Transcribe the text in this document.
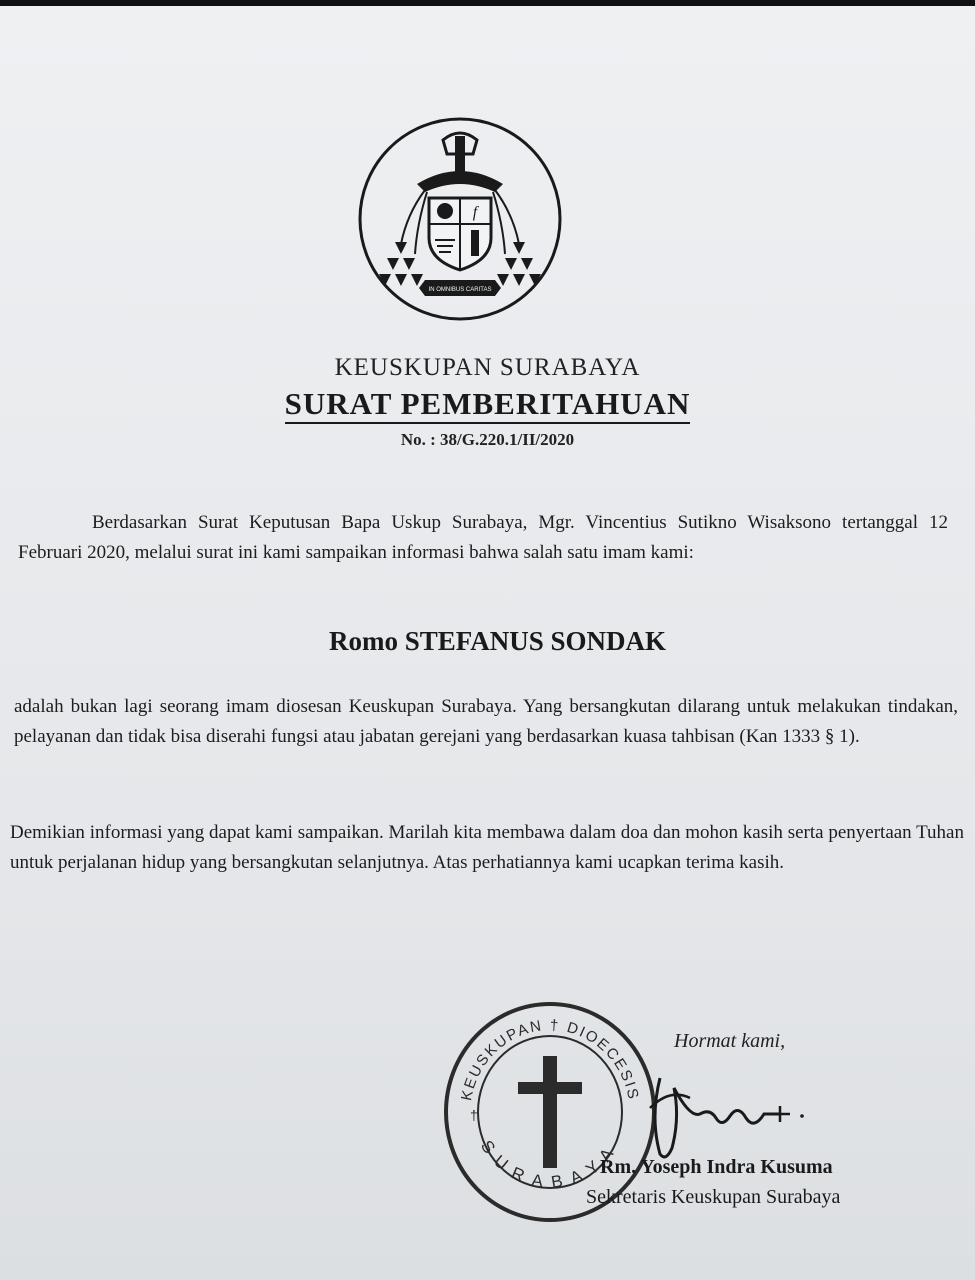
f
IN OMNIBUS CARITAS
KEUSKUPAN SURABAYA
SURAT PEMBERITAHUAN
No. : 38/G.220.1/II/2020
Berdasarkan Surat Keputusan Bapa Uskup Surabaya, Mgr. Vincentius Sutikno Wisaksono tertanggal 12 Februari 2020, melalui surat ini kami sampaikan informasi bahwa salah satu imam kami:
Romo STEFANUS SONDAK
adalah bukan lagi seorang imam diosesan Keuskupan Surabaya. Yang bersangkutan dilarang untuk melakukan tindakan, pelayanan dan tidak bisa diserahi fungsi atau jabatan gerejani yang berdasarkan kuasa tahbisan (Kan 1333 § 1).
Demikian informasi yang dapat kami sampaikan. Marilah kita membawa dalam doa dan mohon kasih serta penyertaan Tuhan untuk perjalanan hidup yang bersangkutan selanjutnya. Atas perhatiannya kami ucapkan terima kasih.
KEUSKUPAN † DIOECESIS
SURABAYA
†
Hormat kami,
Rm. Yoseph Indra Kusuma
Sekretaris Keuskupan Surabaya
